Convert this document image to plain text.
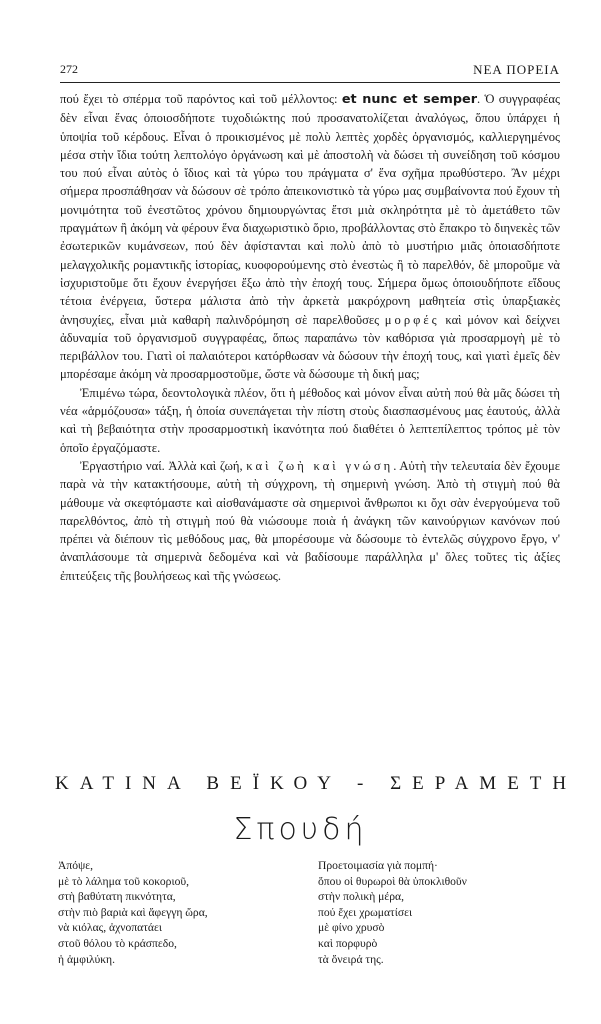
272	ΝΕΑ ΠΟΡΕΙΑ

πού ἔχει τὸ σπέρμα τοῦ παρόντος καὶ τοῦ μέλλοντος: et nunc et semper. Ὁ συγγραφέας δὲν εἶναι ἕνας ὁποιοσδήποτε τυχοδιώκτης πού προσανατολίζεται ἀναλόγως, ὅπου ὑπάρχει ἡ ὑποψία τοῦ κέρδους. Εἶναι ὁ προικισμένος μὲ πολὺ λεπτὲς χορδὲς ὀργανισμός, καλλιεργημένος μέσα στὴν ἴδια τούτη λεπτολόγο ὀργάνωση καὶ μὲ ἀποστολὴ νὰ δώσει τὴ συνείδηση τοῦ κόσμου του πού εἶναι αὐτὸς ὁ ἴδιος καὶ τὰ γύρω του πράγματα σ' ἕνα σχῆμα πρωθύστερο. Ἂν μέχρι σήμερα προσπάθησαν νὰ δώσουν σὲ τρόπο ἀπεικονιστικὸ τὰ γύρω μας συμβαίνοντα πού ἔχουν τὴ μονιμότητα τοῦ ἐνεστῶτος χρόνου δημιουργώντας ἔτσι μιὰ σκληρότητα μὲ τὸ ἀμετάθετο τῶν πραγμάτων ἢ ἀκόμη νὰ φέρουν ἕνα διαχωριστικὸ ὅριο, προβάλλοντας στὸ ἔπακρο τὸ διηνεκὲς τῶν ἐσωτερικῶν κυμάνσεων, πού δὲν ἀφίστανται καὶ πολὺ ἀπὸ τὸ μυστήριο μιᾶς ὁποιασδήποτε μελαγχολικῆς ρομαντικῆς ἱστορίας, κυοφορούμενης στὸ ἐνεστὼς ἢ τὸ παρελθόν, δὲ μποροῦμε νὰ ἰσχυριστοῦμε ὅτι ἔχουν ἐνεργήσει ἔξω ἀπὸ τὴν ἐποχή τους. Σήμερα ὅμως ὁποιουδήποτε εἴδους τέτοια ἐνέργεια, ὕστερα μάλιστα ἀπὸ τὴν ἀρκετὰ μακρόχρονη μαθητεία στὶς ὑπαρξιακὲς ἀνησυχίες, εἶναι μιὰ καθαρὴ παλινδρόμηση σὲ παρελθοῦσες μορφές καὶ μόνον καὶ δείχνει ἀδυναμία τοῦ ὀργανισμοῦ συγγραφέας, ὅπως παραπάνω τὸν καθόρισα γιὰ προσαρμογὴ μὲ τὸ περιβάλλον του. Γιατὶ οἱ παλαιότεροι κατόρθωσαν νὰ δώσουν τὴν ἐποχή τους, καὶ γιατὶ ἐμεῖς δὲν μπορέσαμε ἀκόμη νὰ προσαρμοστοῦμε, ὥστε νὰ δώσουμε τὴ δική μας;

Ἐπιμένω τώρα, δεοντολογικὰ πλέον, ὅτι ἡ μέθοδος καὶ μόνον εἶναι αὐτὴ πού θὰ μᾶς δώσει τὴ νέα «ἁρμόζουσα» τάξη, ἡ ὁποία συνεπάγεται τὴν πίστη στοὺς διασπασμένους μας ἑαυτούς, ἀλλὰ καὶ τὴ βεβαιότητα στὴν προσαρμοστικὴ ἱκανότητα πού διαθέτει ὁ λεπτεπίλεπτος τρόπος μὲ τὸν ὁποῖο ἐργαζόμαστε.

Ἐργαστήριο ναί. Ἀλλὰ καὶ ζωή, καὶ ζωὴ καὶ γνώση. Αὐτὴ τὴν τελευταία δὲν ἔχουμε παρὰ νὰ τὴν κατακτήσουμε, αὐτὴ τὴ σύγχρονη, τὴ σημερινὴ γνώση. Ἀπὸ τὴ στιγμὴ πού θὰ μάθουμε νὰ σκεφτόμαστε καὶ αἰσθανάμαστε σὰ σημερινοὶ ἄνθρωποι κι ὄχι σὰν ἐνεργούμενα τοῦ παρελθόντος, ἀπὸ τὴ στιγμὴ πού θὰ νιώσουμε ποιὰ ἡ ἀνάγκη τῶν καινούργιων κανόνων πού πρέπει νὰ διέπουν τὶς μεθόδους μας, θὰ μπορέσουμε νὰ δώσουμε τὸ ἐντελῶς σύγχρονο ἔργο, ν' ἀναπλάσουμε τὰ σημερινὰ δεδομένα καὶ νὰ βαδίσουμε παράλληλα μ' ὅλες τοῦτες τὶς ἀξίες ἐπιτεύξεις τῆς βουλήσεως καὶ τῆς γνώσεως.

ΚΑΤΙΝΑ ΒΕΪΚΟΥ - ΣΕΡΑΜΕΤΗ
Σπουδή
Ἀπόψε,
μὲ τὸ λάλημα τοῦ κοκοριοῦ,
στὴ βαθύτατη πικνότητα,
στὴν πιὸ βαριὰ καὶ ἄφεγγη ὥρα,
νὰ κιόλας, ἀχνοπατάει
στοῦ θόλου τὸ κράσπεδο,
ἡ ἀμφιλύκη.
Προετοιμασία γιὰ πομπή·
ὅπου οἱ θυρωροὶ θὰ ὑποκλιθοῦν
στὴν πολικὴ μέρα,
πού ἔχει χρωματίσει
μὲ φίνο χρυσὸ
καὶ πορφυρὸ
τὰ ὄνειρά της.
